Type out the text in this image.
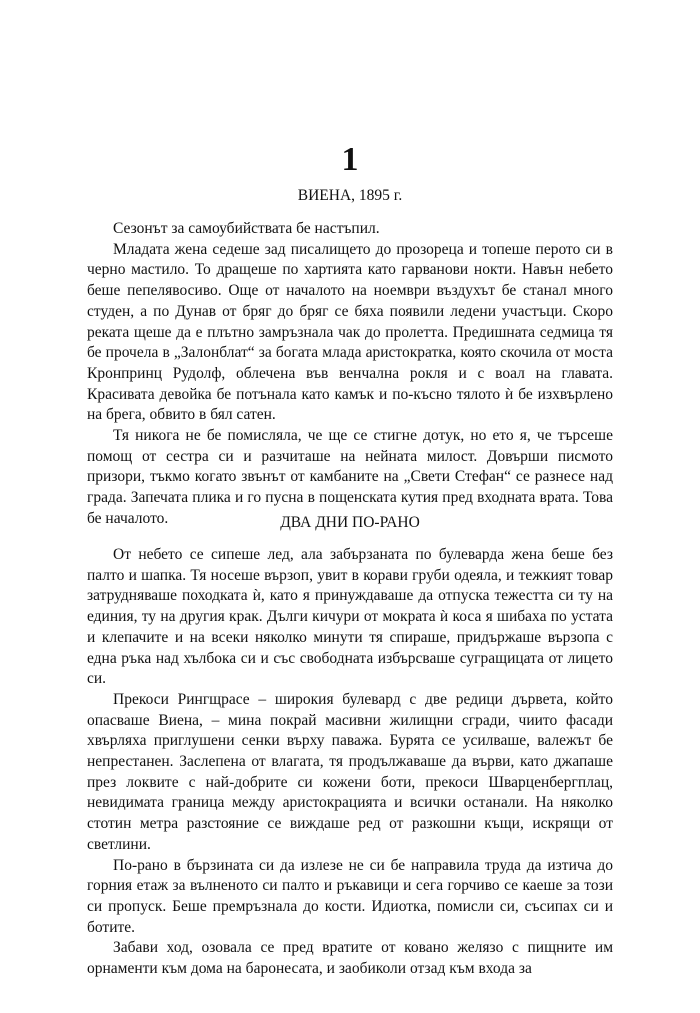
1
ВИЕНА, 1895 г.

Сезонът за самоубийствата бе настъпил.

Младата жена седеше зад писалището до прозореца и топеше перото си в черно мастило. То дращеше по хартията като гарванови нокти. Навън небето беше пепелявосиво. Още от началото на ноември въздухът бе станал много студен, а по Дунав от бряг до бряг се бяха появили ледени участъци. Скоро реката щеше да е плътно замръзнала чак до пролетта. Предишната седмица тя бе прочела в „Залонблат“ за богата млада аристократка, която скочила от моста Кронпринц Рудолф, облечена във венчална рокля и с воал на главата. Красивата девойка бе потънала като камък и по-късно тялото ѝ бе изхвърлено на брега, обвито в бял сатен.

Тя никога не бе помисляла, че ще се стигне дотук, но ето я, че търсеше помощ от сестра си и разчиташе на нейната милост. Довърши писмото призори, тъкмо когато звънът от камбаните на „Свети Стефан“ се разнесе над града. Запечата плика и го пусна в пощенската кутия пред входната врата. Това бе началото.	ДВА ДНИ ПО-РАНО

От небето се сипеше лед, ала забързаната по булеварда жена беше без палто и шапка. Тя носеше вързоп, увит в корави груби одеяла, и тежкият товар затрудняваше походката ѝ, като я принуждаваше да отпуска тежестта си ту на единия, ту на другия крак. Дълги кичури от мократа ѝ коса я шибаха по устата и клепачите и на всеки няколко минути тя спираше, придържаше вързопа с една ръка над хълбока си и със свободната избърсваше сугращицата от лицето си.

Прекоси Рингщрасе – широкия булевард с две редици дървета, който опасваше Виена, – мина покрай масивни жилищни сгради, чиито фасади хвърляха приглушени сенки върху паважа. Бурята се усилваше, валежът бе непрестанен. Заслепена от влагата, тя продължаваше да върви, като джапаше през локвите с най-добрите си кожени боти, прекоси Шварценбергплац, невидимата граница между аристокрацията и всички останали. На няколко стотин метра разстояние се виждаше ред от разкошни къщи, искрящи от светлини.

По-рано в бързината си да излезе не си бе направила труда да изтича до горния етаж за вълненото си палто и ръкавици и сега горчиво се каеше за този си пропуск. Беше премръзнала до кости. Идиотка, помисли си, съсипах си и ботите.

Забави ход, озовала се пред вратите от ковано желязо с пищните им орнаменти към дома на баронесата, и заобиколи отзад към входа за
